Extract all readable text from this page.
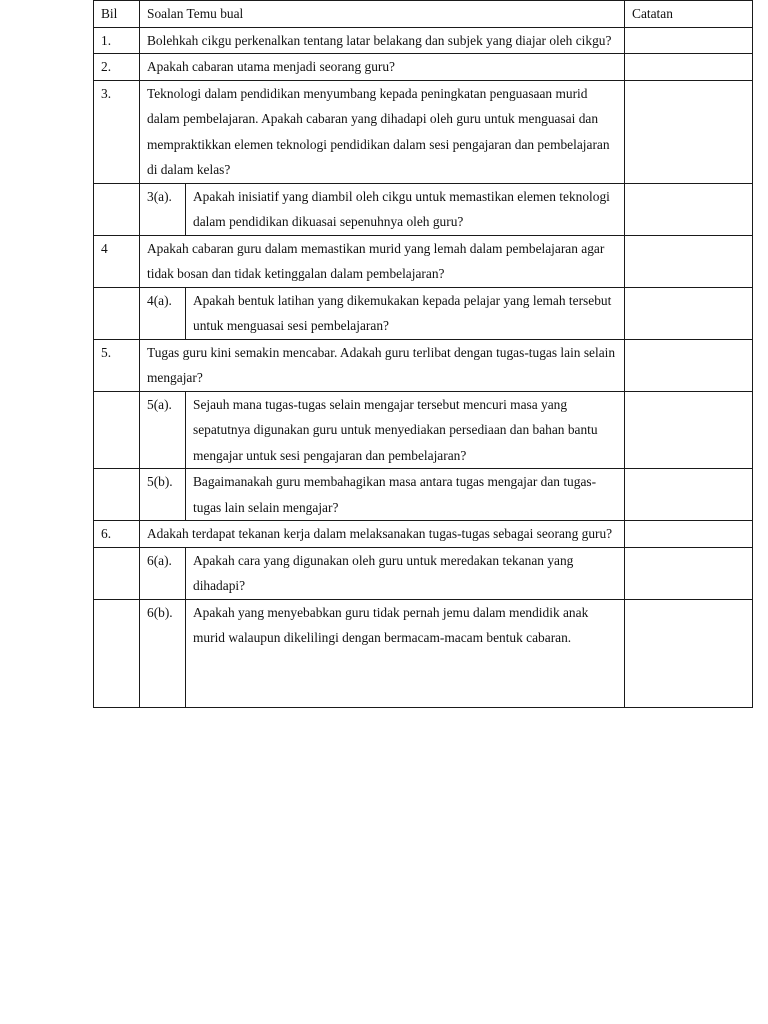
Bil	Soalan Temu bual		Catatan
1.	Bolehkah cikgu perkenalkan tentang latar belakang dan subjek yang diajar oleh cikgu?		
2.	Apakah cabaran utama menjadi seorang guru?		
3.	Teknologi dalam pendidikan menyumbang kepada peningkatan penguasaan murid dalam pembelajaran. Apakah cabaran yang dihadapi oleh guru untuk menguasai dan mempraktikkan elemen teknologi pendidikan dalam sesi pengajaran dan pembelajaran di dalam kelas?		
	3(a).	Apakah inisiatif yang diambil oleh cikgu untuk memastikan elemen teknologi dalam pendidikan dikuasai sepenuhnya oleh guru?	
4	Apakah cabaran guru dalam memastikan murid yang lemah dalam pembelajaran agar tidak bosan dan tidak ketinggalan dalam pembelajaran?		
	4(a).	Apakah bentuk latihan yang dikemukakan kepada pelajar yang lemah tersebut untuk menguasai sesi pembelajaran?	
5.	Tugas guru kini semakin mencabar. Adakah guru terlibat dengan tugas-tugas lain selain mengajar?		
	5(a).	Sejauh mana tugas-tugas selain mengajar tersebut mencuri masa yang sepatutnya digunakan guru untuk menyediakan persediaan dan bahan bantu mengajar untuk sesi pengajaran dan pembelajaran?	
	5(b).	Bagaimanakah guru membahagikan masa antara tugas mengajar dan tugas-tugas lain selain mengajar?	
6.	Adakah terdapat tekanan kerja dalam melaksanakan tugas-tugas sebagai seorang guru?		
	6(a).	Apakah cara yang digunakan oleh guru untuk meredakan tekanan yang dihadapi?	
	6(b).	Apakah yang menyebabkan guru tidak pernah jemu dalam mendidik anak murid walaupun dikelilingi dengan bermacam-macam bentuk cabaran.	
